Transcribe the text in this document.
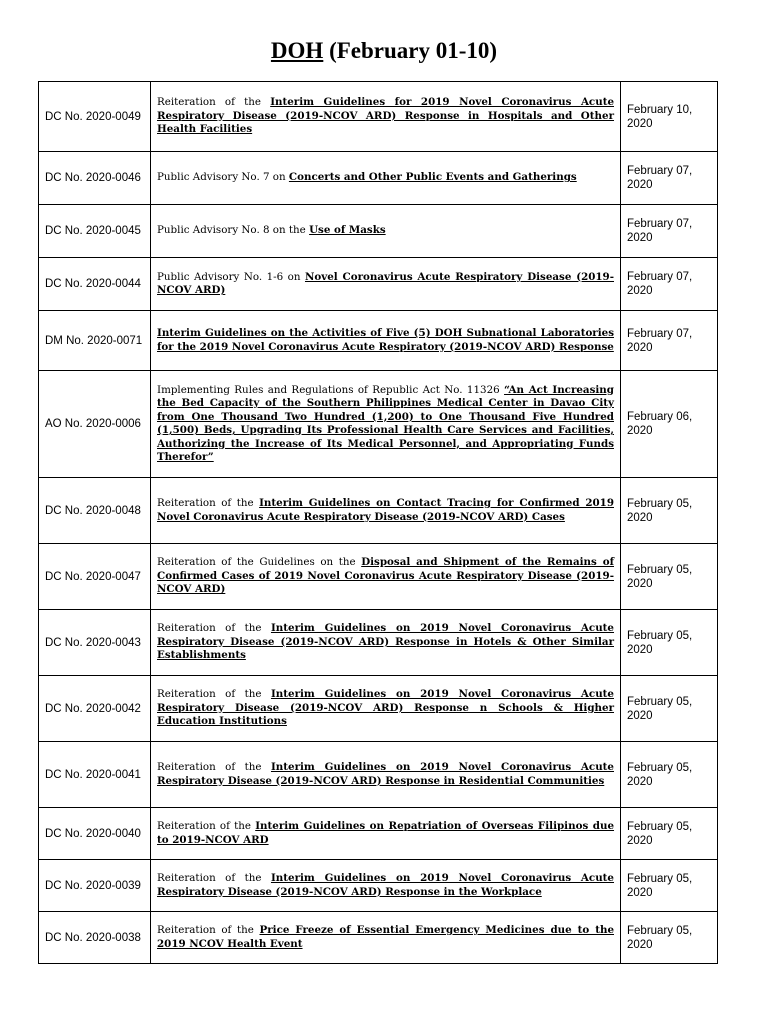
DOH (February 01-10)
DC No. 2020-0049	Reiteration of the Interim Guidelines for 2019 Novel Coronavirus Acute Respiratory Disease (2019-NCOV ARD) Response in Hospitals and Other Health Facilities	February 10, 2020
DC No. 2020-0046	Public Advisory No. 7 on Concerts and Other Public Events and Gatherings	February 07, 2020
DC No. 2020-0045	Public Advisory No. 8 on the Use of Masks	February 07, 2020
DC No. 2020-0044	Public Advisory No. 1-6 on Novel Coronavirus Acute Respiratory Disease (2019-NCOV ARD)	February 07, 2020
DM No. 2020-0071	Interim Guidelines on the Activities of Five (5) DOH Subnational Laboratories for the 2019 Novel Coronavirus Acute Respiratory (2019-NCOV ARD) Response	February 07, 2020
AO No. 2020-0006	Implementing Rules and Regulations of Republic Act No. 11326 “An Act Increasing the Bed Capacity of the Southern Philippines Medical Center in Davao City from One Thousand Two Hundred (1,200) to One Thousand Five Hundred (1,500) Beds, Upgrading Its Professional Health Care Services and Facilities, Authorizing the Increase of Its Medical Personnel, and Appropriating Funds Therefor”	February 06, 2020
DC No. 2020-0048	Reiteration of the Interim Guidelines on Contact Tracing for Confirmed 2019 Novel Coronavirus Acute Respiratory Disease (2019-NCOV ARD) Cases	February 05, 2020
DC No. 2020-0047	Reiteration of the Guidelines on the Disposal and Shipment of the Remains of Confirmed Cases of 2019 Novel Coronavirus Acute Respiratory Disease (2019-NCOV ARD)	February 05, 2020
DC No. 2020-0043	Reiteration of the Interim Guidelines on 2019 Novel Coronavirus Acute Respiratory Disease (2019-NCOV ARD) Response in Hotels & Other Similar Establishments	February 05, 2020
DC No. 2020-0042	Reiteration of the Interim Guidelines on 2019 Novel Coronavirus Acute Respiratory Disease (2019-NCOV ARD) Response n Schools & Higher Education Institutions	February 05, 2020
DC No. 2020-0041	Reiteration of the Interim Guidelines on 2019 Novel Coronavirus Acute Respiratory Disease (2019-NCOV ARD) Response in Residential Communities	February 05, 2020
DC No. 2020-0040	Reiteration of the Interim Guidelines on Repatriation of Overseas Filipinos due to 2019-NCOV ARD	February 05, 2020
DC No. 2020-0039	Reiteration of the Interim Guidelines on 2019 Novel Coronavirus Acute Respiratory Disease (2019-NCOV ARD) Response in the Workplace	February 05, 2020
DC No. 2020-0038	Reiteration of the Price Freeze of Essential Emergency Medicines due to the 2019 NCOV Health Event	February 05, 2020
